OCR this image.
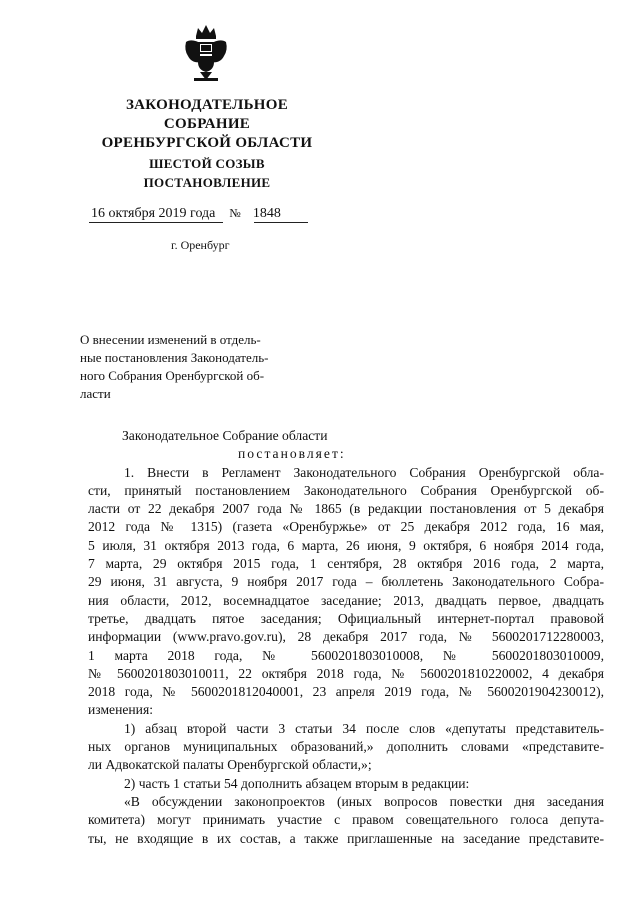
ЗАКОНОДАТЕЛЬНОЕ
СОБРАНИЕ
ОРЕНБУРГСКОЙ ОБЛАСТИ
ШЕСТОЙ СОЗЫВ
ПОСТАНОВЛЕНИЕ
16 октября 2019 года № 1848
г. Оренбург
О внесении изменений в отдель-
ные постановления Законодатель-
ного Собрания Оренбургской об-
ласти
Законодательное Собрание области
постановляет:
1. Внести в Регламент Законодательного Собрания Оренбургской обла-
сти, принятый постановлением Законодательного Собрания Оренбургской об-
ласти от 22 декабря 2007 года № 1865 (в редакции постановления от 5 декабря
2012 года № 1315) (газета «Оренбуржье» от 25 декабря 2012 года, 16 мая,
5 июля, 31 октября 2013 года, 6 марта, 26 июня, 9 октября, 6 ноября 2014 года,
7 марта, 29 октября 2015 года, 1 сентября, 28 октября 2016 года, 2 марта,
29 июня, 31 августа, 9 ноября 2017 года – бюллетень Законодательного Собра-
ния области, 2012, восемнадцатое заседание; 2013, двадцать первое, двадцать
третье, двадцать пятое заседания; Официальный интернет-портал правовой
информации (www.pravo.gov.ru), 28 декабря 2017 года, № 5600201712280003,
1 марта 2018 года, № 5600201803010008, № 5600201803010009,
№ 5600201803010011, 22 октября 2018 года, № 5600201810220002, 4 декабря
2018 года, № 5600201812040001, 23 апреля 2019 года, № 5600201904230012),
изменения:
1) абзац второй части 3 статьи 34 после слов «депутаты представитель-
ных органов муниципальных образований,» дополнить словами «представите-
ли Адвокатской палаты Оренбургской области,»;
2) часть 1 статьи 54 дополнить абзацем вторым в редакции:
«В обсуждении законопроектов (иных вопросов повестки дня заседания
комитета) могут принимать участие с правом совещательного голоса депута-
ты, не входящие в их состав, а также приглашенные на заседание представите-
